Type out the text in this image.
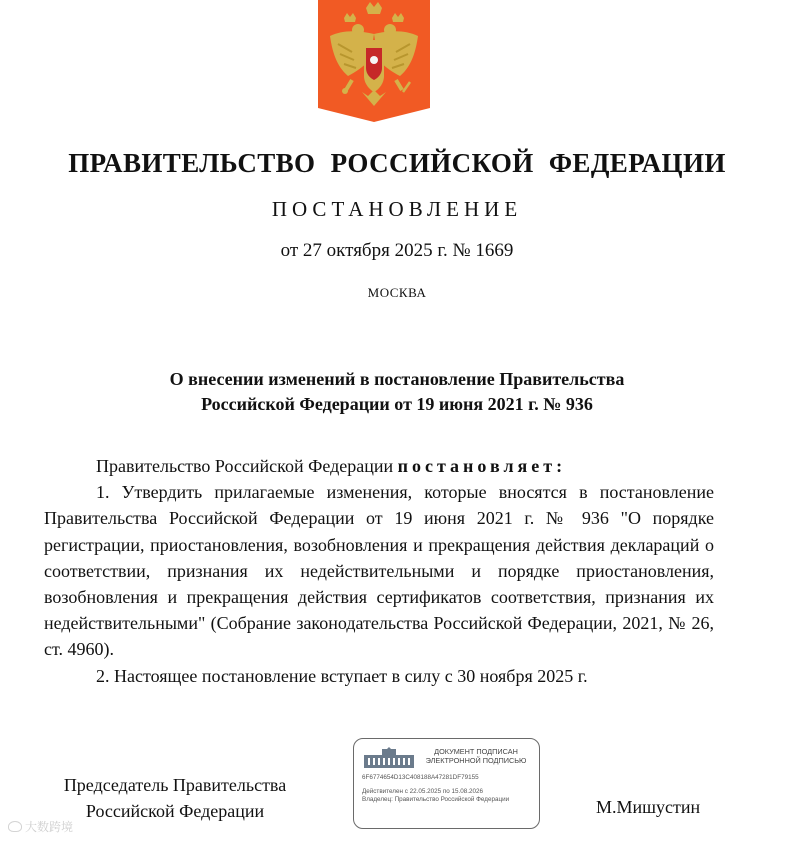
ПРАВИТЕЛЬСТВО РОССИЙСКОЙ ФЕДЕРАЦИИ
ПОСТАНОВЛЕНИЕ
от 27 октября 2025 г. № 1669
МОСКВА
О внесении изменений в постановление Правительства
Российской Федерации от 19 июня 2021 г. № 936

Правительство Российской Федерации постановляет:

1. Утвердить прилагаемые изменения, которые вносятся в постановление Правительства Российской Федерации от 19 июня 2021 г. № 936 "О порядке регистрации, приостановления, возобновления и прекращения действия деклараций о соответствии, признания их недействительными и порядке приостановления, возобновления и прекращения действия сертификатов соответствия, признания их недействительными" (Собрание законодательства Российской Федерации, 2021, № 26, ст. 4960).

2. Настоящее постановление вступает в силу с 30 ноября 2025 г.

Председатель Правительства
Российской Федерации	М.Мишустин
ДОКУМЕНТ ПОДПИСАН
ЭЛЕКТРОННОЙ ПОДПИСЬЮ
6F6774654D13C408188A47281DF79155
Действителен с 22.05.2025 по 15.08.2026
Владелец: Правительство Российской Федерации
大数跨境
